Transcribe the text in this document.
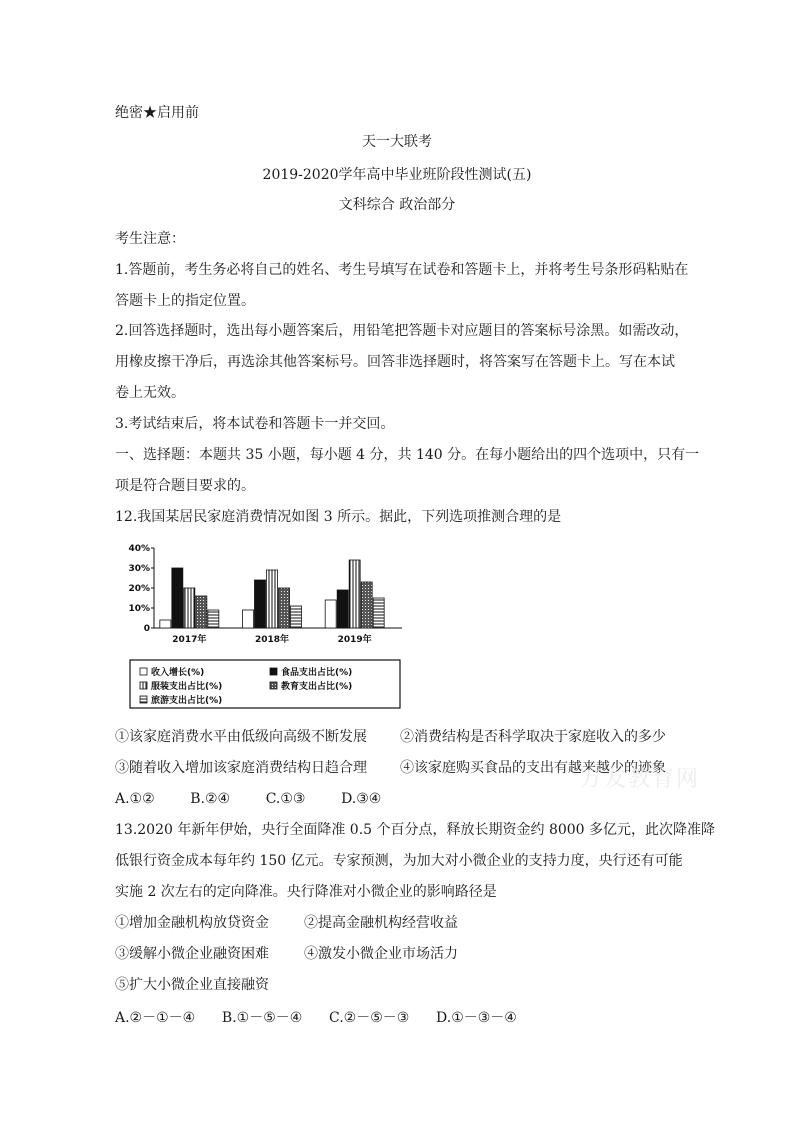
绝密★启用前
天一大联考
2019-2020学年高中毕业班阶段性测试(五)
文科综合 政治部分
考生注意：
1.答题前，考生务必将自己的姓名、考生号填写在试卷和答题卡上，并将考生号条形码粘贴在
答题卡上的指定位置。
2.回答选择题时，选出每小题答案后，用铅笔把答题卡对应题目的答案标号涂黑。如需改动，
用橡皮擦干净后，再选涂其他答案标号。回答非选择题时，将答案写在答题卡上。写在本试
卷上无效。
3.考试结束后，将本试卷和答题卡一并交回。
一、选择题：本题共 35 小题，每小题 4 分，共 140 分。在每小题给出的四个选项中，只有一
项是符合题目要求的。
12.我国某居民家庭消费情况如图 3 所示。据此，下列选项推测合理的是
0
10%
20%
30%
40%
2017年	2018年	2019年
收入增长(%)	食品支出占比(%)
服装支出占比(%)	教育支出占比(%)
旅游支出占比(%)
①该家庭消费水平由低级向高级不断发展 ②消费结构是否科学取决于家庭收入的多少
③随着收入增加该家庭消费结构日趋合理 ④该家庭购买食品的支出有越来越少的迹象
A.①②        B.②④        C.①③        D.③④
万友教育网
13.2020 年新年伊始，央行全面降准 0.5 个百分点，释放长期资金约 8000 多亿元，此次降准降
低银行资金成本每年约 150 亿元。专家预测，为加大对小微企业的支持力度，央行还有可能
实施 2 次左右的定向降准。央行降准对小微企业的影响路径是
①增加金融机构放贷资金	②提高金融机构经营收益
③缓解小微企业融资困难	④激发小微企业市场活力
⑤扩大小微企业直接融资
A.②－①－④      B.①－⑤－④      C.②－⑤－③      D.①－③－④
